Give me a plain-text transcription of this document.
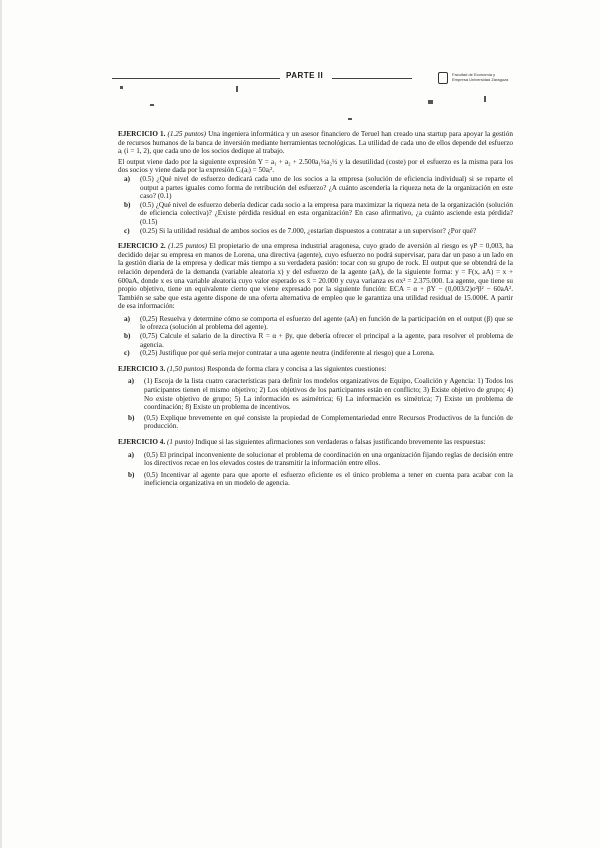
PARTE II	Facultad de Economía y Empresa Universidad Zaragoza

EJERCICIO 1. (1.25 puntos) Una ingeniera informática y un asesor financiero de Teruel han creado una startup para apoyar la gestión de recursos humanos de la banca de inversión mediante herramientas tecnológicas. La utilidad de cada uno de ellos depende del esfuerzo aᵢ (i = 1, 2), que cada uno de los socios dedique al trabajo.

El output viene dado por la siguiente expresión Y = a₁ + a₂ + 2.500a₁½a₂½ y la desutilidad (coste) por el esfuerzo es la misma para los dos socios y viene dada por la expresión Cᵢ(aᵢ) = 50aᵢ².

a) (0.5) ¿Qué nivel de esfuerzo dedicará cada uno de los socios a la empresa (solución de eficiencia individual) si se reparte el output a partes iguales como forma de retribución del esfuerzo? ¿A cuánto ascendería la riqueza neta de la organización en este caso? (0.1)
b) (0.5) ¿Qué nivel de esfuerzo debería dedicar cada socio a la empresa para maximizar la riqueza neta de la organización (solución de eficiencia colectiva)? ¿Existe pérdida residual en esta organización? En caso afirmativo, ¿a cuánto asciende esta pérdida? (0.15)
c) (0.25) Si la utilidad residual de ambos socios es de 7.000, ¿estarían dispuestos a contratar a un supervisor? ¿Por qué?

EJERCICIO 2. (1.25 puntos) El propietario de una empresa industrial aragonesa, cuyo grado de aversión al riesgo es γP = 0,003, ha decidido dejar su empresa en manos de Lorena, una directiva (agente), cuyo esfuerzo no podrá supervisar, para dar un paso a un lado en la gestión diaria de la empresa y dedicar más tiempo a su verdadera pasión: tocar con su grupo de rock. El output que se obtendrá de la relación dependerá de la demanda (variable aleatoria x) y del esfuerzo de la agente (aA), de la siguiente forma: y = F(x, aA) = x + 600aA, donde x es una variable aleatoria cuyo valor esperado es x̄ = 20.000 y cuya varianza es σx² = 2.375.000. La agente, que tiene su propio objetivo, tiene un equivalente cierto que viene expresado por la siguiente función: ECA = α + βY − (0,003/2)σ²β² − 60aA². También se sabe que esta agente dispone de una oferta alternativa de empleo que le garantiza una utilidad residual de 15.000€. A partir de esa información:

a) (0,25) Resuelva y determine cómo se comporta el esfuerzo del agente (aA) en función de la participación en el output (β) que se le ofrezca (solución al problema del agente).
b) (0,75) Calcule el salario de la directiva R = α + βy, que debería ofrecer el principal a la agente, para resolver el problema de agencia.
c) (0,25) Justifique por qué sería mejor contratar a una agente neutra (indiferente al riesgo) que a Lorena.

EJERCICIO 3. (1,50 puntos) Responda de forma clara y concisa a las siguientes cuestiones:

a) (1) Escoja de la lista cuatro características para definir los modelos organizativos de Equipo, Coalición y Agencia: 1) Todos los participantes tienen el mismo objetivo; 2) Los objetivos de los participantes están en conflicto; 3) Existe objetivo de grupo; 4) No existe objetivo de grupo; 5) La información es asimétrica; 6) La información es simétrica; 7) Existe un problema de coordinación; 8) Existe un problema de incentivos.
b) (0,5) Explique brevemente en qué consiste la propiedad de Complementariedad entre Recursos Productivos de la función de producción.

EJERCICIO 4. (1 punto) Indique si las siguientes afirmaciones son verdaderas o falsas justificando brevemente las respuestas:

a) (0,5) El principal inconveniente de solucionar el problema de coordinación en una organización fijando reglas de decisión entre los directivos recae en los elevados costes de transmitir la información entre ellos.
b) (0,5) Incentivar al agente para que aporte el esfuerzo eficiente es el único problema a tener en cuenta para acabar con la ineficiencia organizativa en un modelo de agencia.
